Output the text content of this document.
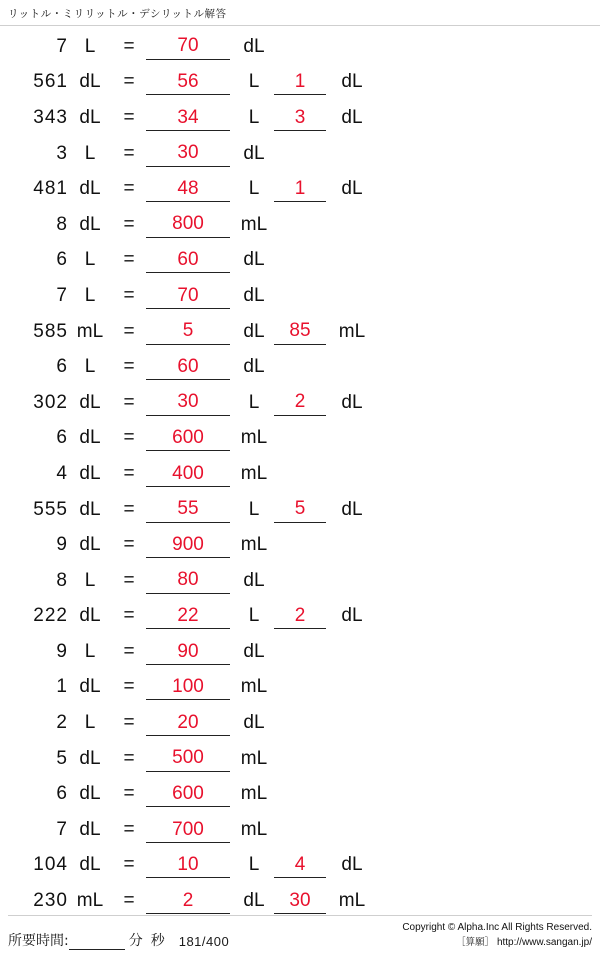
リットル・ミリリットル・デシリットル解答
7 L	=	70	dL
561 dL	=	56	L	1	dL
343 dL	=	34	L	3	dL
3 L	=	30	dL
481 dL	=	48	L	1	dL
8 dL	=	800	mL
6 L	=	60	dL
7 L	=	70	dL
585 mL	=	5	dL	85	mL
6 L	=	60	dL
302 dL	=	30	L	2	dL
6 dL	=	600	mL
4 dL	=	400	mL
555 dL	=	55	L	5	dL
9 dL	=	900	mL
8 L	=	80	dL
222 dL	=	22	L	2	dL
9 L	=	90	dL
1 dL	=	100	mL
2 L	=	20	dL
5 dL	=	500	mL
6 dL	=	600	mL
7 dL	=	700	mL
104 dL	=	10	L	4	dL
230 mL	=	2	dL	30	mL
所要時間:	分 秒	181/400
Copyright © Alpha.Inc All Rights Reserved.
［算願］ http://www.sangan.jp/
